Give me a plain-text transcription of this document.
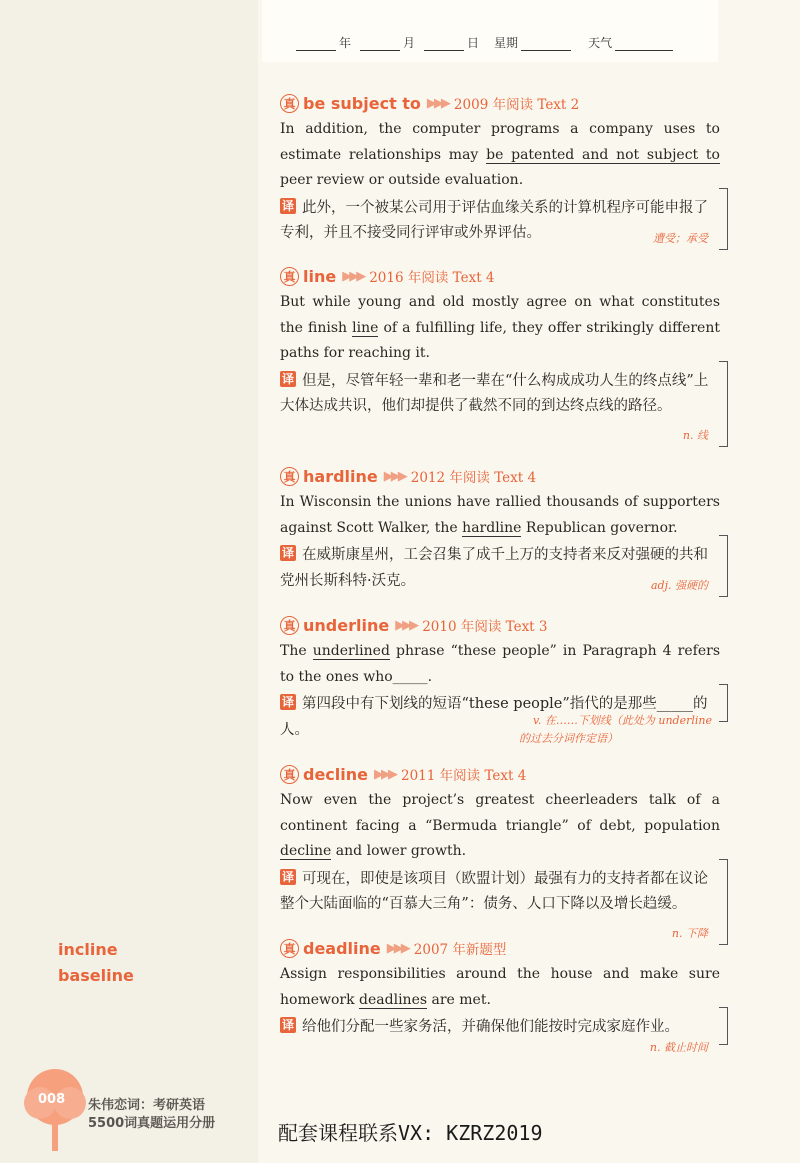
年	月	日 星期	天气
真 be subject to ▶▶▶ 2009 年阅读 Text 2
In addition, the computer programs a company uses to estimate relationships may be patented and not subject to peer review or outside evaluation.
译 此外，一个被某公司用于评估血缘关系的计算机程序可能申报了专利，并且不接受同行评审或外界评估。	遭受；承受
真 line ▶▶▶ 2016 年阅读 Text 4
But while young and old mostly agree on what constitutes the finish line of a fulfilling life, they offer strikingly different paths for reaching it.
译 但是，尽管年轻一辈和老一辈在“什么构成成功人生的终点线”上大体达成共识，他们却提供了截然不同的到达终点线的路径。
n. 线
真 hardline ▶▶▶ 2012 年阅读 Text 4
In Wisconsin the unions have rallied thousands of supporters against Scott Walker, the hardline Republican governor.
译 在威斯康星州，工会召集了成千上万的支持者来反对强硬的共和党州长斯科特·沃克。	adj. 强硬的
真 underline ▶▶▶ 2010 年阅读 Text 3
The underlined phrase “these people” in Paragraph 4 refers to the ones who_____.
译 第四段中有下划线的短语“these people”指代的是那些_____的人。
v. 在……下划线（此处为 underline
的过去分词作定语）
真 decline ▶▶▶ 2011 年阅读 Text 4
Now even the project’s greatest cheerleaders talk of a continent facing a “Bermuda triangle” of debt, population decline and lower growth.
译 可现在，即使是该项目（欧盟计划）最强有力的支持者都在议论整个大陆面临的“百慕大三角”：债务、人口下降以及增长趋缓。
n. 下降
真 deadline ▶▶▶ 2007 年新题型
Assign responsibilities around the house and make sure homework deadlines are met.
译 给他们分配一些家务活，并确保他们能按时完成家庭作业。
n. 截止时间
incline
baseline
008 朱伟恋词：考研英语
5500词真题运用分册	配套课程联系VX: KZRZ2019
